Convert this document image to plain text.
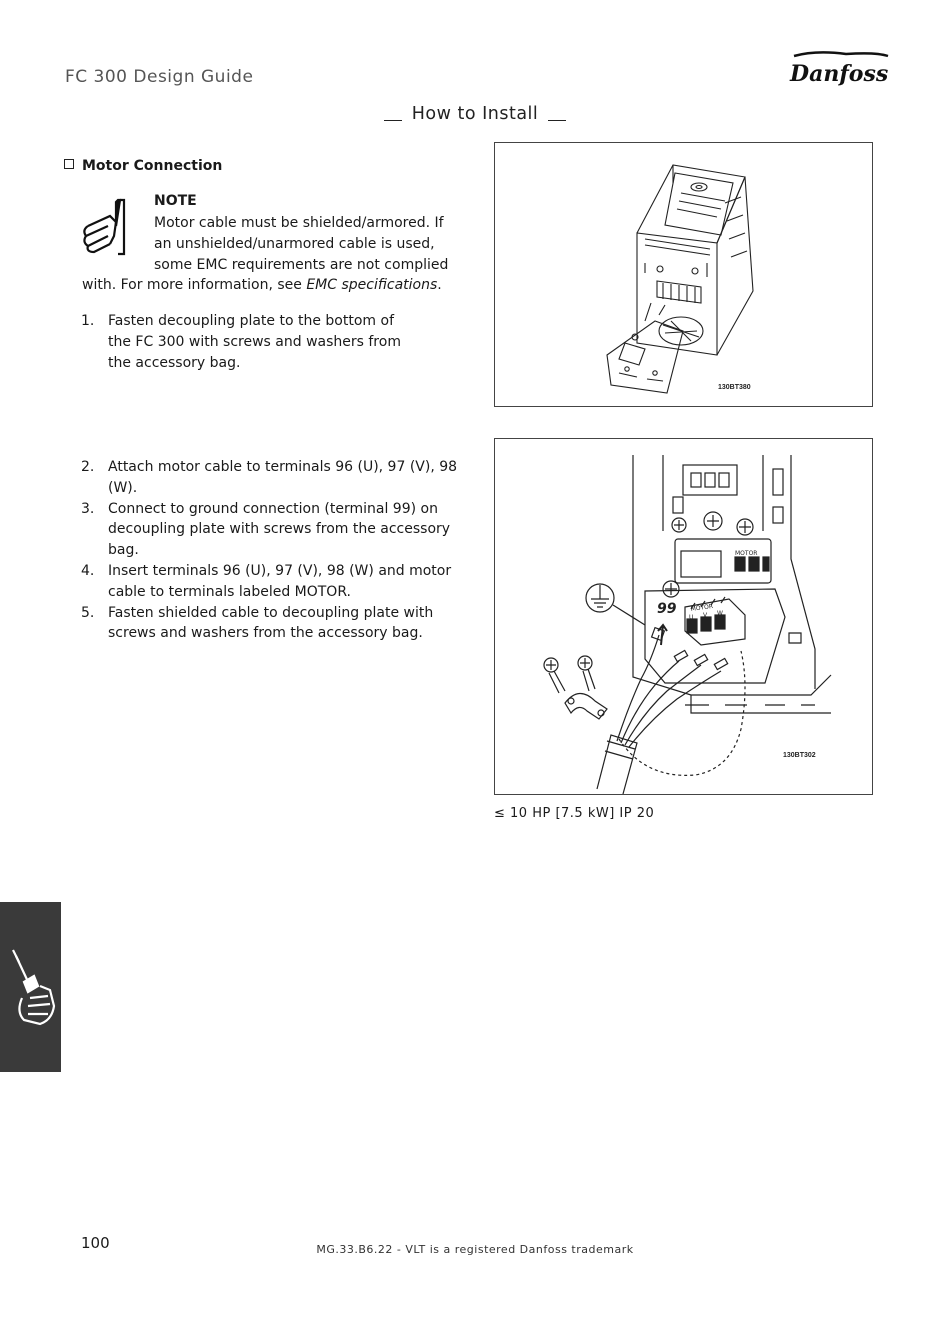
FC 300 Design Guide	Danfoss
How to Install
Motor Connection
NOTE
Motor cable must be shielded/armored. If
an unshielded/unarmored cable is used,
some EMC requirements are not complied
with. For more information, see EMC specifications.
1. Fasten decoupling plate to the bottom of the FC 300 with screws and washers from the accessory bag.
2. Attach motor cable to terminals 96 (U), 97 (V), 98 (W).
3. Connect to ground connection (terminal 99) on decoupling plate with screws from the accessory bag.
4. Insert terminals 96 (U), 97 (V), 98 (W) and motor cable to terminals labeled MOTOR.
5. Fasten shielded cable to decoupling plate with screws and washers from the accessory bag.
130BT380
99
MOTOR
MOTOR
U V W
130BT302
≤ 10 HP [7.5 kW] IP 20
100	MG.33.B6.22 - VLT is a registered Danfoss trademark
